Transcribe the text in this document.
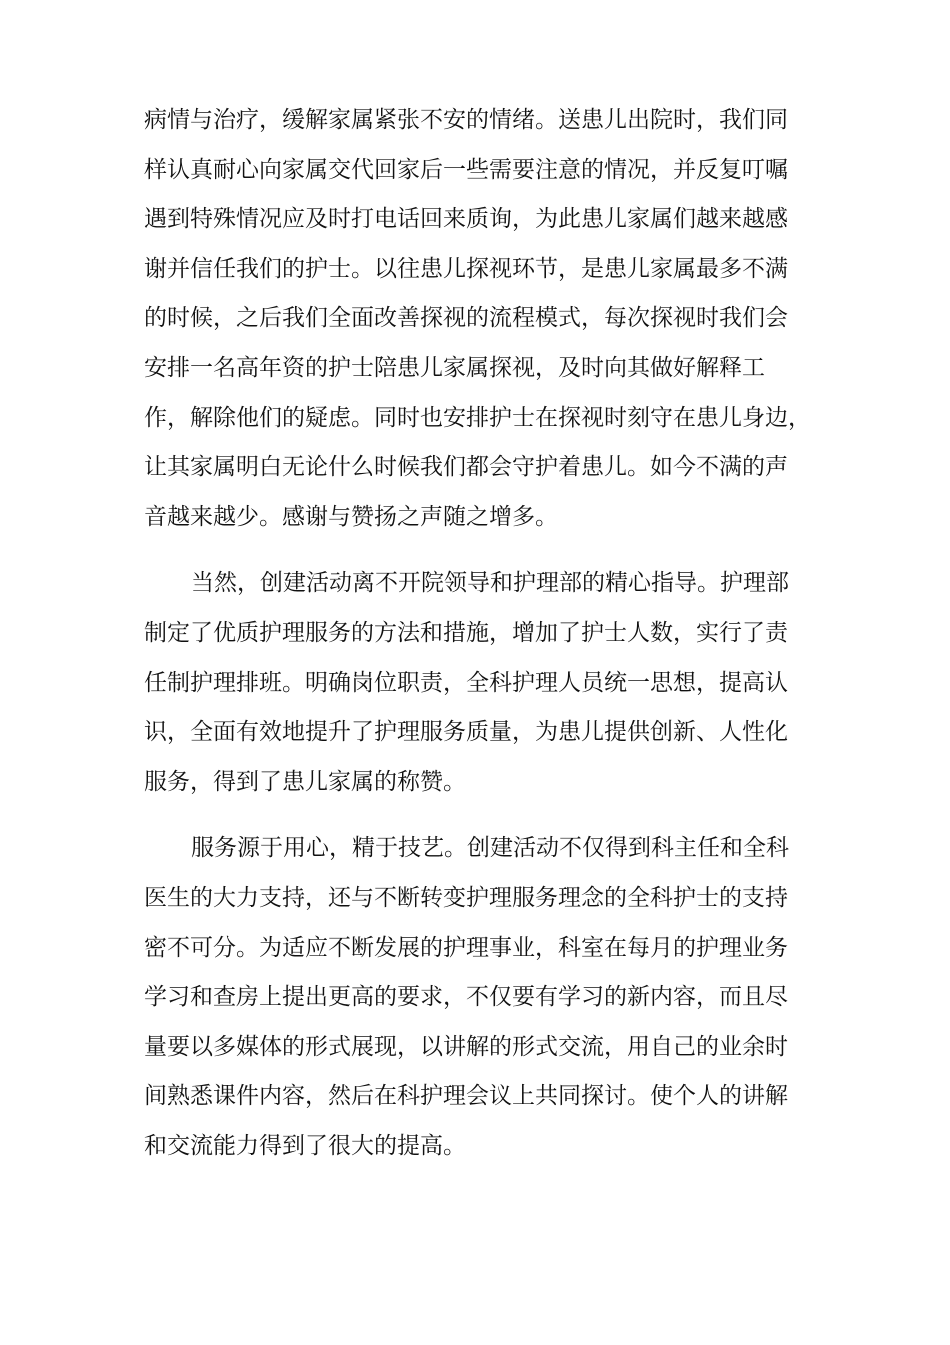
病情与治疗，缓解家属紧张不安的情绪。送患儿出院时，我们同
样认真耐心向家属交代回家后一些需要注意的情况，并反复叮嘱
遇到特殊情况应及时打电话回来质询，为此患儿家属们越来越感
谢并信任我们的护士。以往患儿探视环节，是患儿家属最多不满
的时候，之后我们全面改善探视的流程模式，每次探视时我们会
安排一名高年资的护士陪患儿家属探视，及时向其做好解释工
作，解除他们的疑虑。同时也安排护士在探视时刻守在患儿身边，
让其家属明白无论什么时候我们都会守护着患儿。如今不满的声
音越来越少。感谢与赞扬之声随之增多。
当然，创建活动离不开院领导和护理部的精心指导。护理部
制定了优质护理服务的方法和措施，增加了护士人数，实行了责
任制护理排班。明确岗位职责，全科护理人员统一思想，提高认
识，全面有效地提升了护理服务质量，为患儿提供创新、人性化
服务，得到了患儿家属的称赞。
服务源于用心，精于技艺。创建活动不仅得到科主任和全科
医生的大力支持，还与不断转变护理服务理念的全科护士的支持
密不可分。为适应不断发展的护理事业，科室在每月的护理业务
学习和查房上提出更高的要求，不仅要有学习的新内容，而且尽
量要以多媒体的形式展现，以讲解的形式交流，用自己的业余时
间熟悉课件内容，然后在科护理会议上共同探讨。使个人的讲解
和交流能力得到了很大的提高。
